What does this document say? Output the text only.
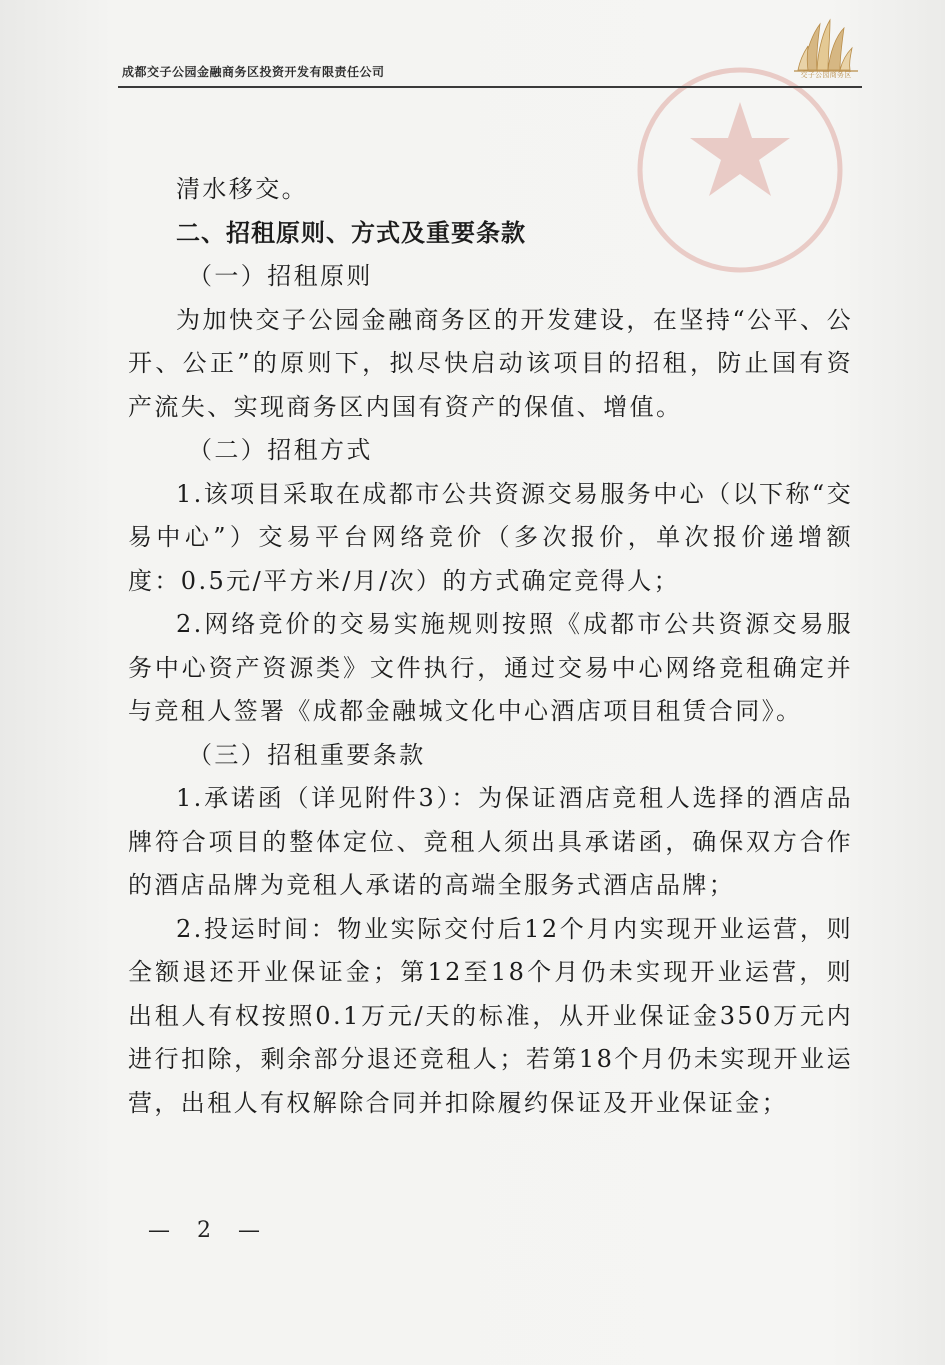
交子公园商务区
成都交子公园金融商务区投资开发有限责任公司

清水移交。

二、招租原则、方式及重要条款

（一）招租原则

为加快交子公园金融商务区的开发建设，在坚持“公平、公开、公正”的原则下，拟尽快启动该项目的招租，防止国有资产流失、实现商务区内国有资产的保值、增值。

（二）招租方式

1.该项目采取在成都市公共资源交易服务中心（以下称“交易中心”）交易平台网络竞价（多次报价，单次报价递增额度：0.5元/平方米/月/次）的方式确定竞得人；

2.网络竞价的交易实施规则按照《成都市公共资源交易服务中心资产资源类》文件执行，通过交易中心网络竞租确定并与竞租人签署《成都金融城文化中心酒店项目租赁合同》。

（三）招租重要条款

1.承诺函（详见附件3）：为保证酒店竞租人选择的酒店品牌符合项目的整体定位、竞租人须出具承诺函，确保双方合作的酒店品牌为竞租人承诺的高端全服务式酒店品牌；

2.投运时间：物业实际交付后12个月内实现开业运营，则全额退还开业保证金；第12至18个月仍未实现开业运营，则出租人有权按照0.1万元/天的标准，从开业保证金350万元内进行扣除，剩余部分退还竞租人；若第18个月仍未实现开业运营，出租人有权解除合同并扣除履约保证及开业保证金；

— 2 —
